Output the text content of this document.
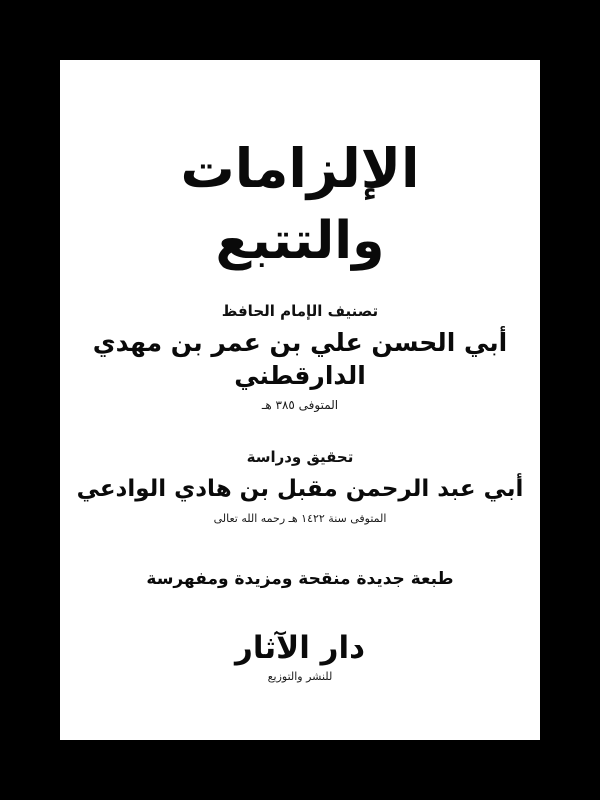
الإلزامات
والتتبع
تصنيف الإمام الحافظ
أبي الحسن علي بن عمر بن مهدي الدارقطني
المتوفى ٣٨٥ هـ
تحقيق ودراسة
أبي عبد الرحمن مقبل بن هادي الوادعي
المتوفى سنة ١٤٢٢ هـ رحمه الله تعالى
طبعة جديدة منقحة ومزيدة ومفهرسة
دار الآثار
للنشر والتوزيع
